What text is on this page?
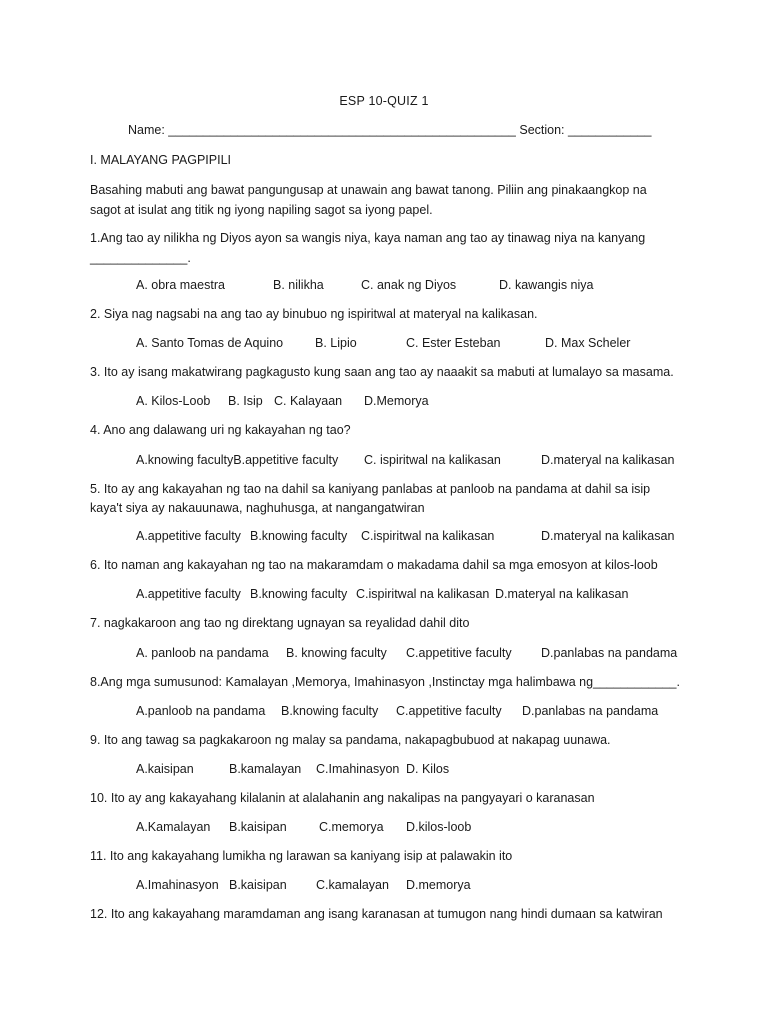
ESP 10-QUIZ 1
Name: __________________________________________________ Section: ____________
I. MALAYANG PAGPIPILI
Basahing mabuti ang bawat pangungusap at unawain ang bawat tanong. Piliin ang pinakaangkop na sagot at isulat ang titik ng iyong napiling sagot sa iyong papel.
1.Ang tao ay nilikha ng Diyos ayon sa wangis niya, kaya naman ang tao ay tinawag niya na kanyang
______________.
A. obra maestra	B. nilikha	C. anak ng Diyos	D. kawangis niya
2. Siya nag nagsabi na ang tao ay binubuo ng ispiritwal at materyal na kalikasan.
A. Santo Tomas de Aquino	B. Lipio	C. Ester Esteban	D. Max Scheler
3. Ito ay isang makatwirang pagkagusto kung saan ang tao ay naaakit sa mabuti at lumalayo sa masama.
A. Kilos-Loob B. Isip C. Kalayaan D.Memorya
4. Ano ang dalawang uri ng kakayahan ng tao?
A.knowing facultyB.appetitive faculty C. ispiritwal na kalikasan	D.materyal na kalikasan
5. Ito ay ang kakayahan ng tao na dahil sa kaniyang panlabas at panloob na pandama at dahil sa isip
kaya't siya ay nakauunawa, naghuhusga, at nangangatwiran
A.appetitive faculty B.knowing faculty C.ispiritwal na kalikasan	D.materyal na kalikasan
6. Ito naman ang kakayahan ng tao na makaramdam o makadama dahil sa mga emosyon at kilos-loob
A.appetitive faculty B.knowing faculty C.ispiritwal na kalikasan D.materyal na kalikasan
7. nagkakaroon ang tao ng direktang ugnayan sa reyalidad dahil dito
A. panloob na pandama B. knowing faculty C.appetitive faculty D.panlabas na pandama
8.Ang mga sumusunod: Kamalayan ,Memorya, Imahinasyon ,Instinctay mga halimbawa ng____________.
A.panloob na pandama B.knowing faculty C.appetitive faculty D.panlabas na pandama
9. Ito ang tawag sa pagkakaroon ng malay sa pandama, nakapagbubuod at nakapag uunawa.
A.kaisipan	B.kamalayan C.Imahinasyon D. Kilos
10. Ito ay ang kakayahang kilalanin at alalahanin ang nakalipas na pangyayari o karanasan
A.Kamalayan B.kaisipan	C.memorya D.kilos-loob
11. Ito ang kakayahang lumikha ng larawan sa kaniyang isip at palawakin ito
A.Imahinasyon B.kaisipan C.kamalayan D.memorya
12. Ito ang kakayahang maramdaman ang isang karanasan at tumugon nang hindi dumaan sa katwiran
